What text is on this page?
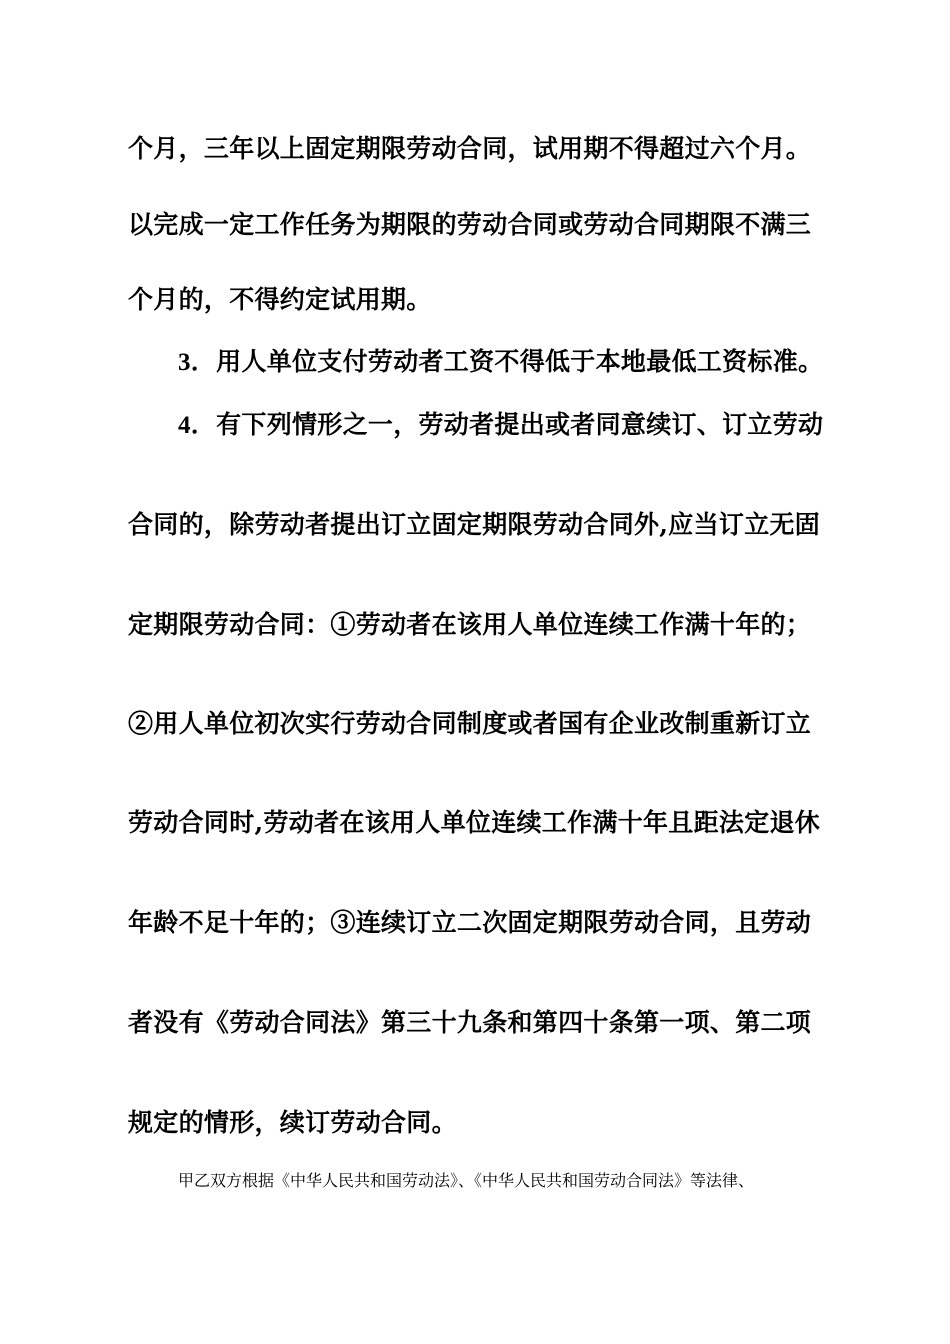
个月，三年以上固定期限劳动合同，试用期不得超过六个月。
以完成一定工作任务为期限的劳动合同或劳动合同期限不满三
个月的，不得约定试用期。
3．用人单位支付劳动者工资不得低于本地最低工资标准。
4．有下列情形之一，劳动者提出或者同意续订、订立劳动
合同的，除劳动者提出订立固定期限劳动合同外,应当订立无固
定期限劳动合同：①劳动者在该用人单位连续工作满十年的；
②用人单位初次实行劳动合同制度或者国有企业改制重新订立
劳动合同时,劳动者在该用人单位连续工作满十年且距法定退休
年龄不足十年的；③连续订立二次固定期限劳动合同，且劳动
者没有《劳动合同法》第三十九条和第四十条第一项、第二项
规定的情形，续订劳动合同。
甲乙双方根据《中华人民共和国劳动法》、《中华人民共和国劳动合同法》等法律、
